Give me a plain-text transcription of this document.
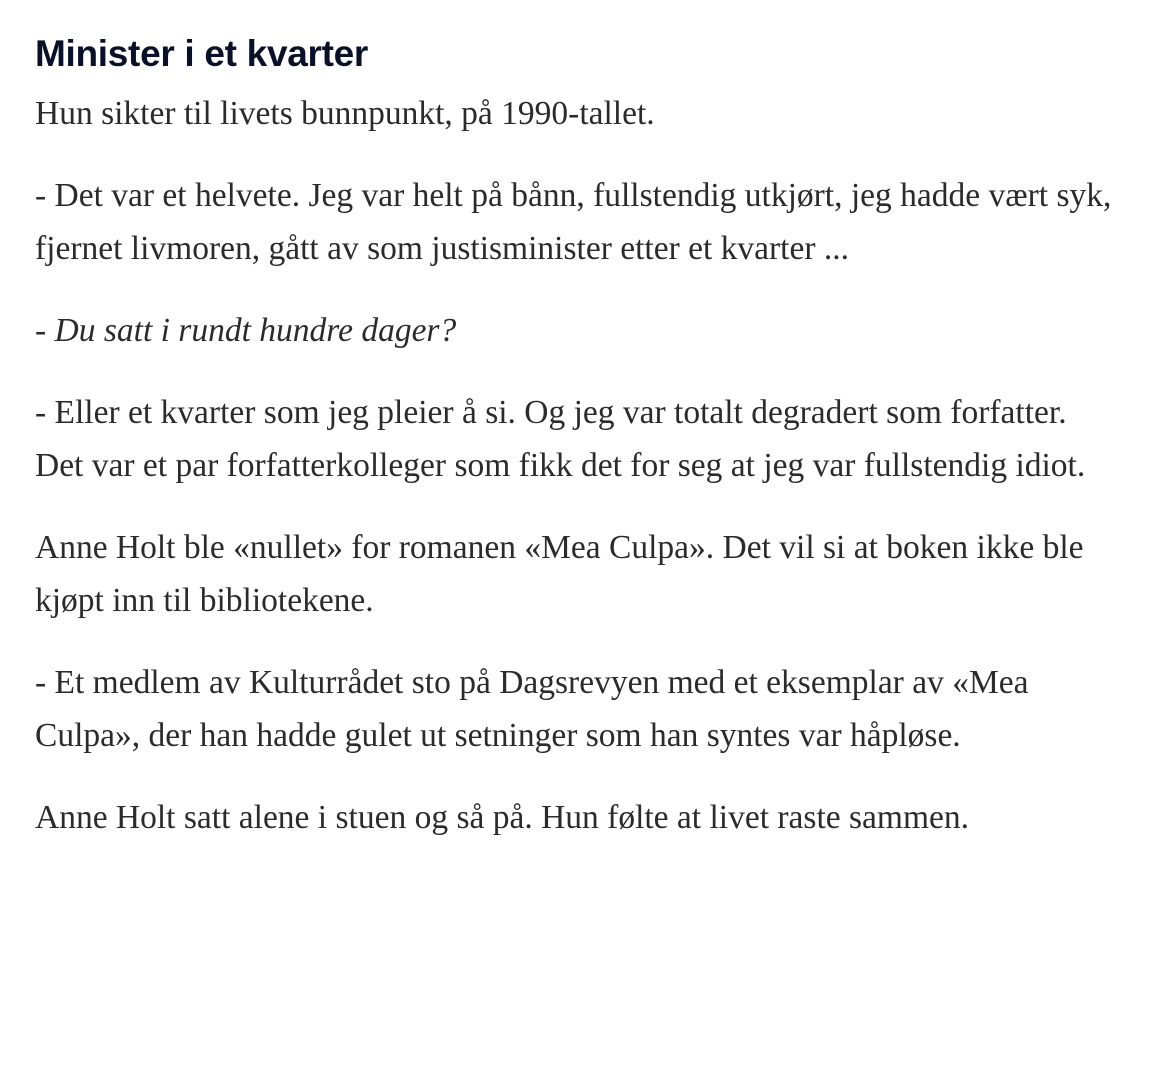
Minister i et kvarter

Hun sikter til livets bunnpunkt, på 1990-tallet.

- Det var et helvete. Jeg var helt på bånn, fullstendig utkjørt, jeg hadde vært syk, fjernet livmoren, gått av som justisminister etter et kvarter ...

- Du satt i rundt hundre dager?

- Eller et kvarter som jeg pleier å si. Og jeg var totalt degradert som forfatter. Det var et par forfatterkolleger som fikk det for seg at jeg var fullstendig idiot.

Anne Holt ble «nullet» for romanen «Mea Culpa». Det vil si at boken ikke ble kjøpt inn til bibliotekene.

- Et medlem av Kulturrådet sto på Dagsrevyen med et eksemplar av «Mea Culpa», der han hadde gulet ut setninger som han syntes var håpløse.

Anne Holt satt alene i stuen og så på. Hun følte at livet raste sammen.
